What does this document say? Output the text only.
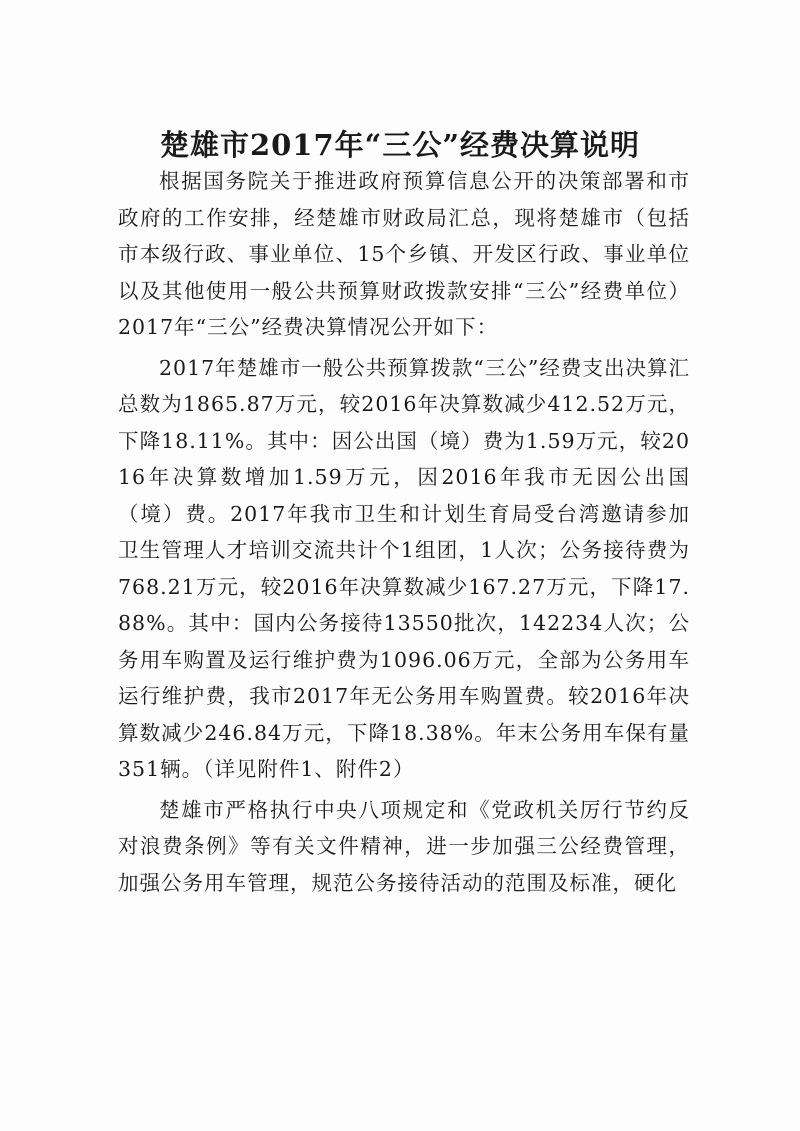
楚雄市2017年“三公”经费决算说明

根据国务院关于推进政府预算信息公开的决策部署和市政府的工作安排，经楚雄市财政局汇总，现将楚雄市（包括市本级行政、事业单位、15个乡镇、开发区行政、事业单位以及其他使用一般公共预算财政拨款安排“三公”经费单位）2017年“三公”经费决算情况公开如下：

2017年楚雄市一般公共预算拨款“三公”经费支出决算汇总数为1865.87万元，较2016年决算数减少412.52万元，下降18.11%。其中：因公出国（境）费为1.59万元，较2016年决算数增加1.59万元，因2016年我市无因公出国（境）费。2017年我市卫生和计划生育局受台湾邀请参加卫生管理人才培训交流共计个1组团，1人次；公务接待费为768.21万元，较2016年决算数减少167.27万元，下降17.88%。其中：国内公务接待13550批次，142234人次；公务用车购置及运行维护费为1096.06万元，全部为公务用车运行维护费，我市2017年无公务用车购置费。较2016年决算数减少246.84万元，下降18.38%。年末公务用车保有量351辆。（详见附件1、附件2）

楚雄市严格执行中央八项规定和《党政机关厉行节约反对浪费条例》等有关文件精神，进一步加强三公经费管理，加强公务用车管理，规范公务接待活动的范围及标准，硬化
